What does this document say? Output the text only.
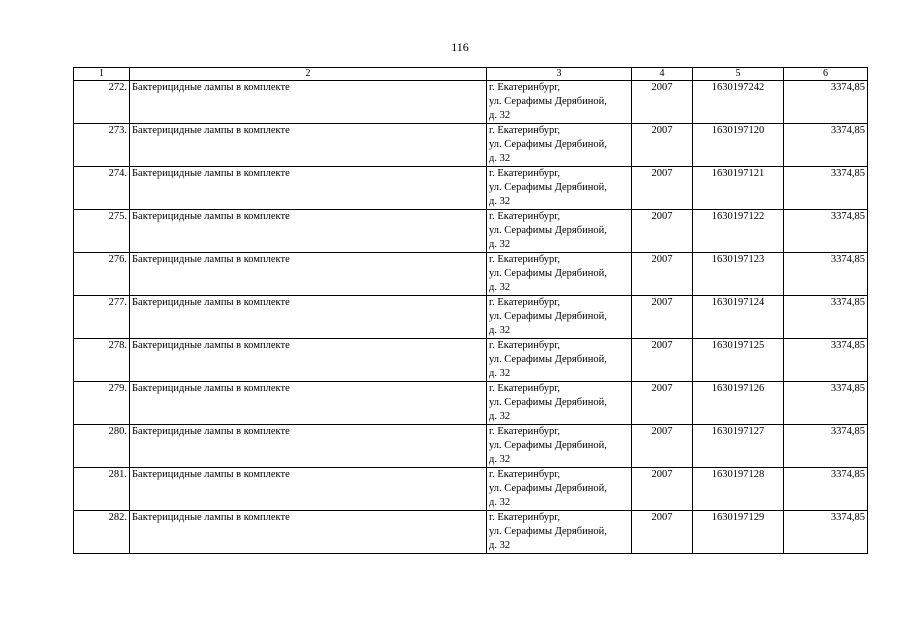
116
1	2	3	4	5	6
272.	Бактерицидные лампы в комплекте	г. Екатеринбург,
ул. Серафимы Дерябиной,
д. 32	2007	1630197242	3374,85
273.	Бактерицидные лампы в комплекте	г. Екатеринбург,
ул. Серафимы Дерябиной,
д. 32	2007	1630197120	3374,85
274.	Бактерицидные лампы в комплекте	г. Екатеринбург,
ул. Серафимы Дерябиной,
д. 32	2007	1630197121	3374,85
275.	Бактерицидные лампы в комплекте	г. Екатеринбург,
ул. Серафимы Дерябиной,
д. 32	2007	1630197122	3374,85
276.	Бактерицидные лампы в комплекте	г. Екатеринбург,
ул. Серафимы Дерябиной,
д. 32	2007	1630197123	3374,85
277.	Бактерицидные лампы в комплекте	г. Екатеринбург,
ул. Серафимы Дерябиной,
д. 32	2007	1630197124	3374,85
278.	Бактерицидные лампы в комплекте	г. Екатеринбург,
ул. Серафимы Дерябиной,
д. 32	2007	1630197125	3374,85
279.	Бактерицидные лампы в комплекте	г. Екатеринбург,
ул. Серафимы Дерябиной,
д. 32	2007	1630197126	3374,85
280.	Бактерицидные лампы в комплекте	г. Екатеринбург,
ул. Серафимы Дерябиной,
д. 32	2007	1630197127	3374,85
281.	Бактерицидные лампы в комплекте	г. Екатеринбург,
ул. Серафимы Дерябиной,
д. 32	2007	1630197128	3374,85
282.	Бактерицидные лампы в комплекте	г. Екатеринбург,
ул. Серафимы Дерябиной,
д. 32	2007	1630197129	3374,85
